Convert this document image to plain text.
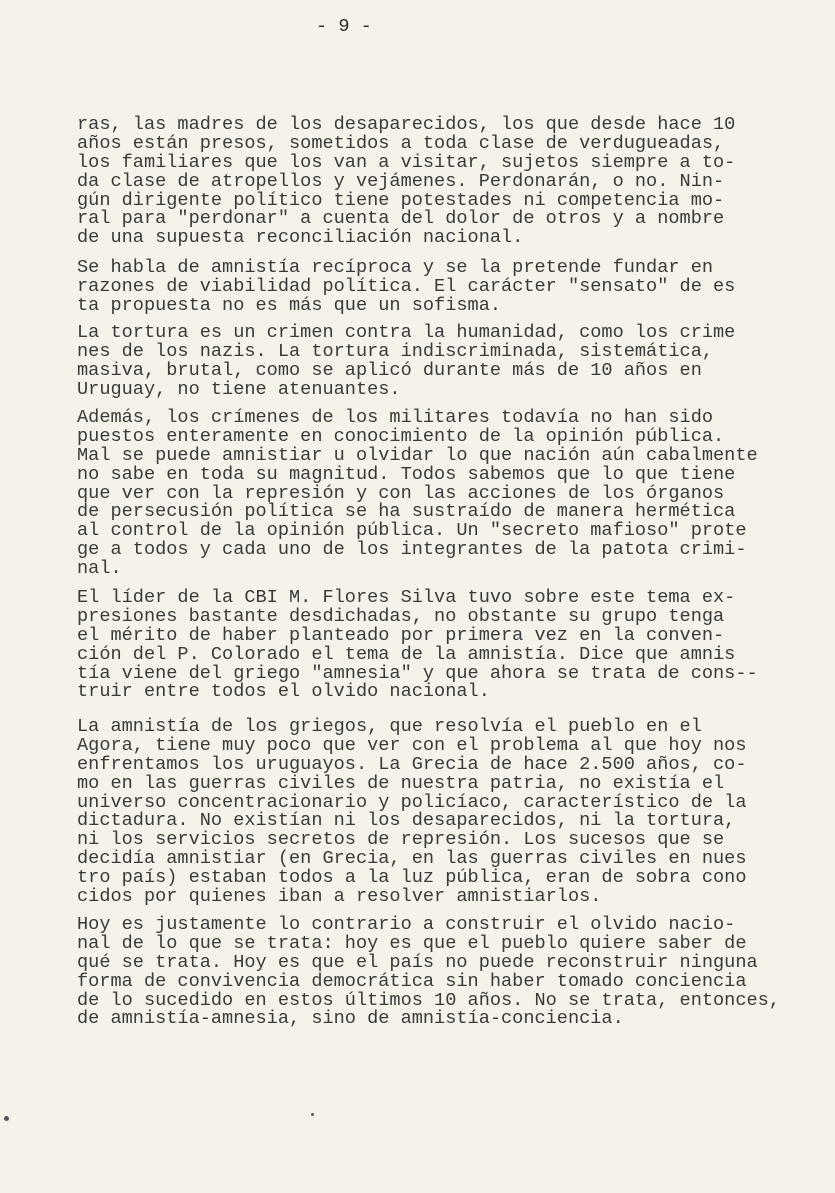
- 9 -
ras, las madres de los desaparecidos, los que desde hace 10
años están presos, sometidos a toda clase de verdugueadas,
los familiares que los van a visitar, sujetos siempre a to-
da clase de atropellos y vejámenes. Perdonarán, o no. Nin-
gún dirigente político tiene potestades ni competencia mo-
ral para "perdonar" a cuenta del dolor de otros y a nombre
de una supuesta reconciliación nacional.
Se habla de amnistía recíproca y se la pretende fundar en
razones de viabilidad política. El carácter "sensato" de es
ta propuesta no es más que un sofisma.
La tortura es un crimen contra la humanidad, como los crime
nes de los nazis. La tortura indiscriminada, sistemática,
masiva, brutal, como se aplicó durante más de 10 años en
Uruguay, no tiene atenuantes.
Además, los crímenes de los militares todavía no han sido
puestos enteramente en conocimiento de la opinión pública.
Mal se puede amnistiar u olvidar lo que nación aún cabalmente
no sabe en toda su magnitud. Todos sabemos que lo que tiene
que ver con la represión y con las acciones de los órganos
de persecusión política se ha sustraído de manera hermética
al control de la opinión pública. Un "secreto mafioso" prote
ge a todos y cada uno de los integrantes de la patota crimi-
nal.
El líder de la CBI M. Flores Silva tuvo sobre este tema ex-
presiones bastante desdichadas, no obstante su grupo tenga
el mérito de haber planteado por primera vez en la conven-
ción del P. Colorado el tema de la amnistía. Dice que amnis
tía viene del griego "amnesia" y que ahora se trata de cons--
truir entre todos el olvido nacional.
La amnistía de los griegos, que resolvía el pueblo en el
Agora, tiene muy poco que ver con el problema al que hoy nos
enfrentamos los uruguayos. La Grecia de hace 2.500 años, co-
mo en las guerras civiles de nuestra patria, no existía el
universo concentracionario y policíaco, característico de la
dictadura. No existían ni los desaparecidos, ni la tortura,
ni los servicios secretos de represión. Los sucesos que se
decidía amnistiar (en Grecia, en las guerras civiles en nues
tro país) estaban todos a la luz pública, eran de sobra cono
cidos por quienes iban a resolver amnistiarlos.
Hoy es justamente lo contrario a construir el olvido nacio-
nal de lo que se trata: hoy es que el pueblo quiere saber de
qué se trata. Hoy es que el país no puede reconstruir ninguna
forma de convivencia democrática sin haber tomado conciencia
de lo sucedido en estos últimos 10 años. No se trata, entonces,
de amnistía-amnesia, sino de amnistía-conciencia.
